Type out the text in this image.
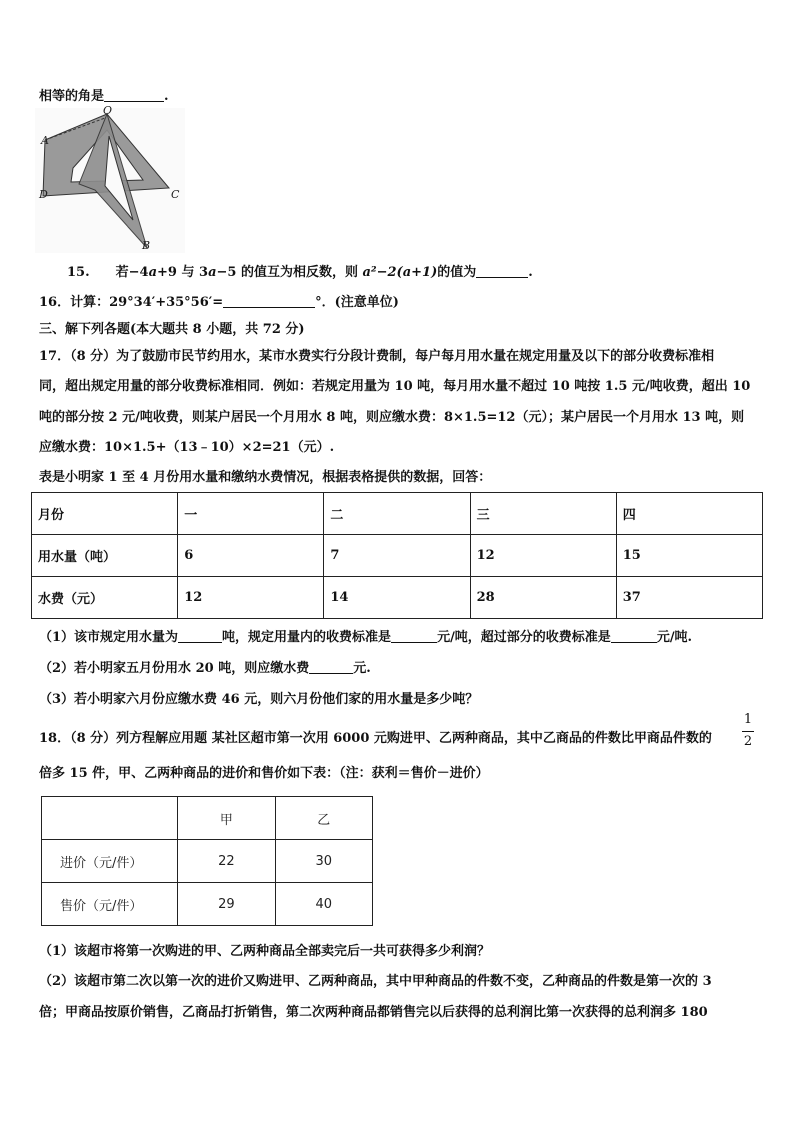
相等的角是	.
O
A
D	C
B
15. 若−4a+9 与 3a−5 的值互为相反数，则 a²−2(a+1)的值为	.
16．计算：29°34′+35°56′=	°．(注意单位)
三、解下列各题(本大题共 8 小题，共 72 分)
17．（8 分）为了鼓励市民节约用水，某市水费实行分段计费制，每户每月用水量在规定用量及以下的部分收费标准相
同，超出规定用量的部分收费标准相同．例如：若规定用量为 10 吨，每月用水量不超过 10 吨按 1.5 元/吨收费，超出 10
吨的部分按 2 元/吨收费，则某户居民一个月用水 8 吨，则应缴水费：8×1.5=12（元）；某户居民一个月用水 13 吨，则
应缴水费：10×1.5+（13﹣10）×2=21（元）.
表是小明家 1 至 4 月份用水量和缴纳水费情况，根据表格提供的数据，回答：
月份	一	二	三	四
用水量（吨）	6	7	12	15
水费（元）	12	14	28	37
（1）该市规定用水量为	吨，规定用量内的收费标准是	元/吨，超过部分的收费标准是	元/吨.
（2）若小明家五月份用水 20 吨，则应缴水费	元.
（3）若小明家六月份应缴水费 46 元，则六月份他们家的用水量是多少吨？
18．（8 分）列方程解应用题 某社区超市第一次用 6000 元购进甲、乙两种商品，其中乙商品的件数比甲商品件数的
1
2
倍多 15 件，甲、乙两种商品的进价和售价如下表：（注：获利＝售价－进价）
	甲	乙
进价（元/件）	22	30
售价（元/件）	29	40
（1）该超市将第一次购进的甲、乙两种商品全部卖完后一共可获得多少利润？
（2）该超市第二次以第一次的进价又购进甲、乙两种商品，其中甲种商品的件数不变，乙种商品的件数是第一次的 3
倍；甲商品按原价销售，乙商品打折销售，第二次两种商品都销售完以后获得的总利润比第一次获得的总利润多 180
